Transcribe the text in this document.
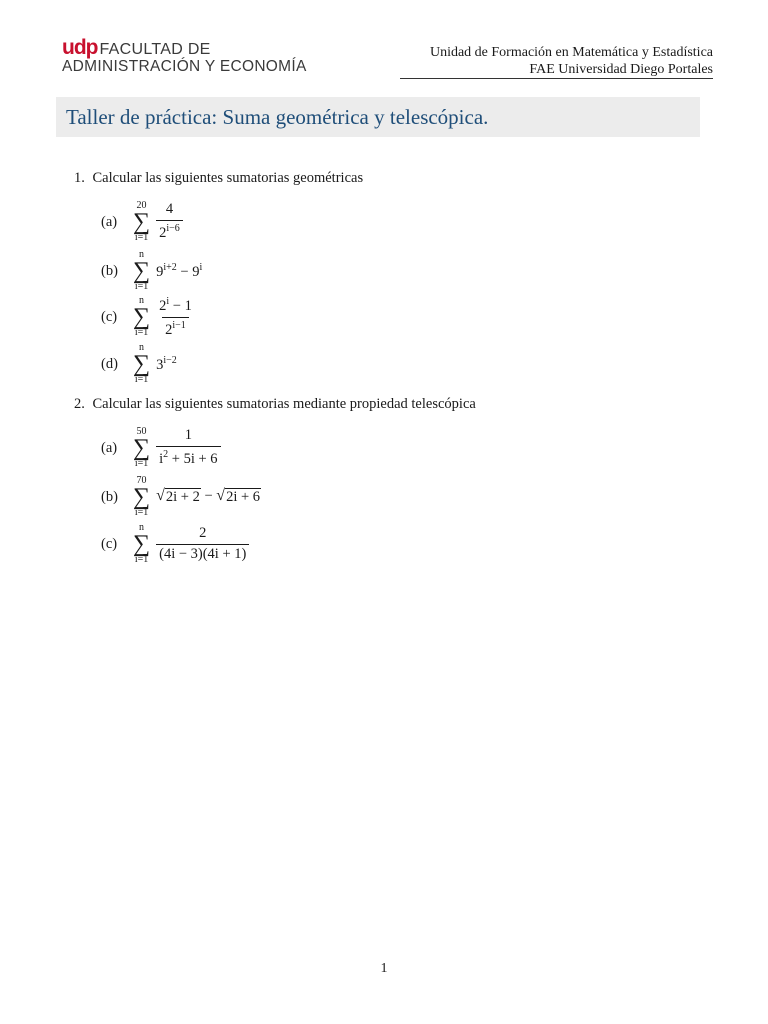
udp FACULTAD DE
ADMINISTRACIÓN Y ECONOMÍA
Unidad de Formación en Matemática y Estadística
FAE Universidad Diego Portales
Taller de práctica: Suma geométrica y telescópica.
1. Calcular las siguientes sumatorias geométricas
(a)
20
∑
$i=1 \frac{4}{2^{i-6}}$
(b)
n
∑
i=1
$9^{i+2} - 9^i$
(c)
n
∑
$i=1 \frac{2^i - 1}{2^{i-1}}$
(d)
n
∑
i=1
$3^{i-2}$
2. Calcular las siguientes sumatorias mediante propiedad telescópica
(a)
50
∑
$i=1 \frac{1}{i^2 + 5i + 6}$
(b)
70
∑
i=1
√ 2i + 2 − √ 2i + 6
(c)
n
∑
$i=1 \frac{2}{(4i - 3)(4i + 1)}$
1
